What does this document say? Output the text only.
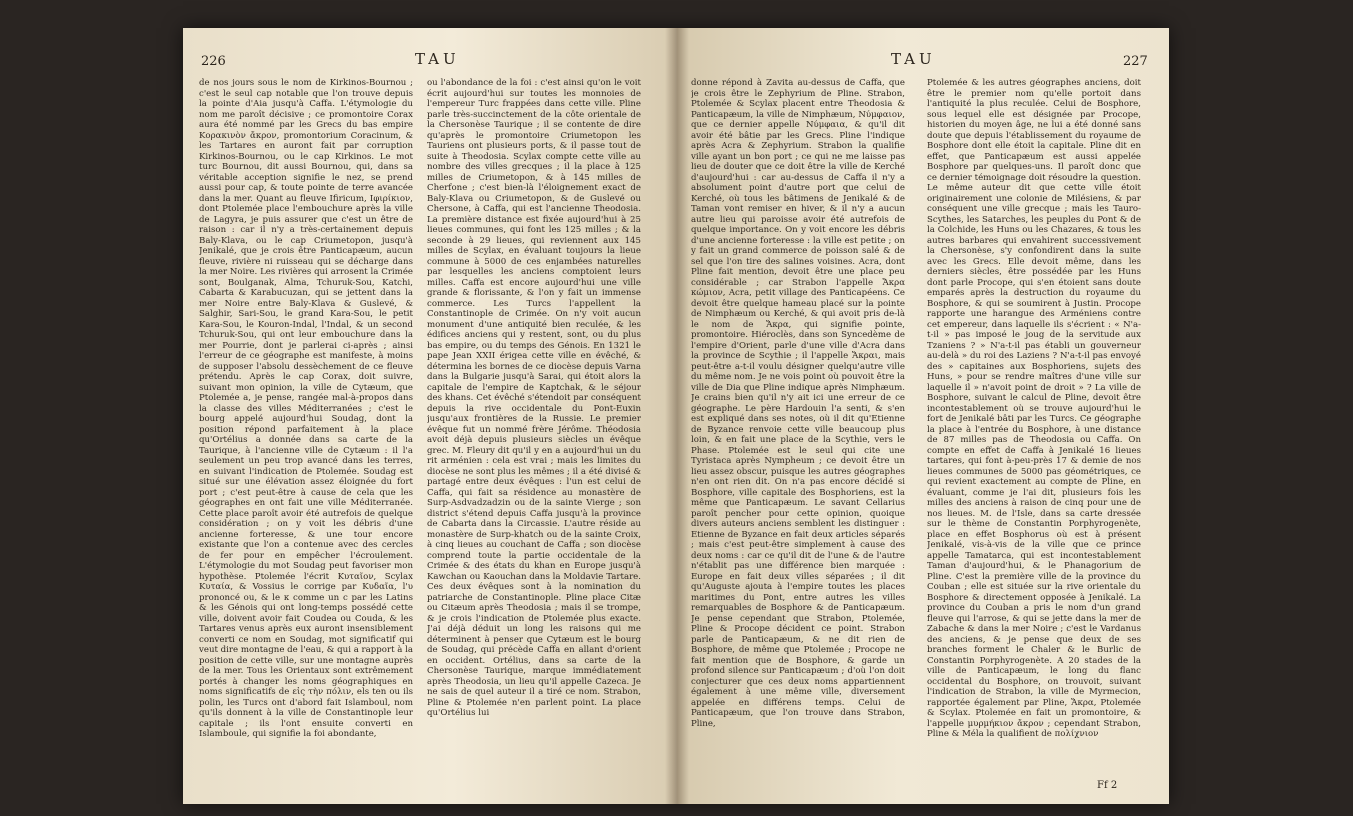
226	TAU
de nos jours sous le nom de Kirkinos-Bournou ; c'est le seul cap notable que l'on trouve depuis la pointe d'Aia jusqu'à Caffa. L'étymologie du nom me paroît décisive ; ce promontoire Corax aura été nommé par les Grecs du bas empire Κορακινὸν ἄκρον, promontorium Coracinum, & les Tartares en auront fait par corruption Kirkinos-Bournou, ou le cap Kirkinos. Le mot turc Bournou, dit aussi Bournou, qui, dans sa véritable acception signifie le nez, se prend aussi pour cap, & toute pointe de terre avancée dans la mer. Quant au fleuve Ifiricum, Ιφιρίκιον, dont Ptolemée place l'embouchure après la ville de Lagyra, je puis assurer que c'est un être de raison : car il n'y a très-certainement depuis Baly-Klava, ou le cap Criumetopon, jusqu'à Jenikalé, que je crois être Panticapæum, aucun fleuve, rivière ni ruisseau qui se décharge dans la mer Noire. Les rivières qui arrosent la Crimée sont, Boulganak, Alma, Tchuruk-Sou, Katchi, Cabarta & Karabucuzan, qui se jettent dans la mer Noire entre Baly-Klava & Guslevé, & Salghir, Sari-Sou, le grand Kara-Sou, le petit Kara-Sou, le Kouron-Indal, l'Indal, & un second Tchuruk-Sou, qui ont leur embouchure dans la mer Pourrie, dont je parlerai ci-après ; ainsi l'erreur de ce géographe est manifeste, à moins de supposer l'absolu dessèchement de ce fleuve prétendu. Après le cap Corax, doit suivre, suivant mon opinion, la ville de Cytæum, que Ptolemée a, je pense, rangée mal-à-propos dans la classe des villes Méditerranées ; c'est le bourg appelé aujourd'hui Soudag, dont la position répond parfaitement à la place qu'Ortélius a donnée dans sa carte de la Taurique, à l'ancienne ville de Cytæum : il l'a seulement un peu trop avancé dans les terres, en suivant l'indication de Ptolemée. Soudag est situé sur une élévation assez éloignée du fort port ; c'est peut-être à cause de cela que les géographes en ont fait une ville Méditerranée. Cette place paroît avoir été autrefois de quelque considération ; on y voit les débris d'une ancienne forteresse, & une tour encore existante que l'on a contenue avec des cercles de fer pour en empêcher l'écroulement. L'étymologie du mot Soudag peut favoriser mon hypothèse. Ptolemée l'écrit Κυταῖον, Scylax Κυταία, & Vossius le corrige par Κυδαῖα, l'υ prononcé ou, & le κ comme un c par les Latins & les Génois qui ont long-temps possédé cette ville, doivent avoir fait Coudea ou Couda, & les Tartares venus après eux auront insensiblement converti ce nom en Soudag, mot significatif qui veut dire montagne de l'eau, & qui a rapport à la position de cette ville, sur une montagne auprès de la mer. Tous les Orientaux sont extrêmement portés à changer les noms géographiques en noms significatifs de εἰς τὴν πόλιν, els ten ou ils polin, les Turcs ont d'abord fait Islamboul, nom qu'ils donnent à la ville de Constantinople leur capitale ; ils l'ont ensuite converti en Islamboule, qui signifie la foi abondante,
ou l'abondance de la foi : c'est ainsi qu'on le voit écrit aujourd'hui sur toutes les monnoies de l'empereur Turc frappées dans cette ville. Pline parle très-succinctement de la côte orientale de la Chersonèse Taurique ; il se contente de dire qu'après le promontoire Criumetopon les Tauriens ont plusieurs ports, & il passe tout de suite à Theodosia. Scylax compte cette ville au nombre des villes grecques ; il la place à 125 milles de Criumetopon, & à 145 milles de Cherfone ; c'est bien-là l'éloignement exact de Baly-Klava ou Criumetopon, & de Guslevé ou Chersone, à Caffa, qui est l'ancienne Theodosia. La première distance est fixée aujourd'hui à 25 lieues communes, qui font les 125 milles ; & la seconde à 29 lieues, qui reviennent aux 145 milles de Scylax, en évaluant toujours la lieue commune à 5000 de ces enjambées naturelles par lesquelles les anciens comptoient leurs milles. Caffa est encore aujourd'hui une ville grande & florissante, & l'on y fait un immense commerce. Les Turcs l'appellent la Constantinople de Crimée. On n'y voit aucun monument d'une antiquité bien reculée, & les édifices anciens qui y restent, sont, ou du plus bas empire, ou du temps des Génois. En 1321 le pape Jean XXII érigea cette ville en évêché, & détermina les bornes de ce diocèse depuis Varna dans la Bulgarie jusqu'à Sarai, qui étoit alors la capitale de l'empire de Kaptchak, & le séjour des khans. Cet évêché s'étendoit par conséquent depuis la rive occidentale du Pont-Euxin jusqu'aux frontières de la Russie. Le premier évêque fut un nommé frère Jérôme. Théodosia avoit déjà depuis plusieurs siècles un évêque grec. M. Fleury dit qu'il y en a aujourd'hui un du rit arménien : cela est vrai ; mais les limites du diocèse ne sont plus les mêmes ; il a été divisé & partagé entre deux évêques : l'un est celui de Caffa, qui fait sa résidence au monastère de Surp-Asdvadzadzin ou de la sainte Vierge ; son district s'étend depuis Caffa jusqu'à la province de Cabarta dans la Circassie. L'autre réside au monastère de Surp-khatch ou de la sainte Croix, à cinq lieues au couchant de Caffa ; son diocèse comprend toute la partie occidentale de la Crimée & des états du khan en Europe jusqu'à Kawchan ou Kaouchan dans la Moldavie Tartare. Ces deux évêques sont à la nomination du patriarche de Constantinople. Pline place Citæ ou Citæum après Theodosia ; mais il se trompe, & je crois l'indication de Ptolemée plus exacte. J'ai déjà déduit un long les raisons qui me déterminent à penser que Cytæum est le bourg de Soudag, qui précède Caffa en allant d'orient en occident. Ortélius, dans sa carte de la Chersonèse Taurique, marque immédiatement après Theodosia, un lieu qu'il appelle Cazeca. Je ne sais de quel auteur il a tiré ce nom. Strabon, Pline & Ptolemée n'en parlent point. La place qu'Ortélius lui
TAU	227
donne répond à Zavita au-dessus de Caffa, que je crois être le Zephyrium de Pline. Strabon, Ptolemée & Scylax placent entre Theodosia & Panticapæum, la ville de Nimphæum, Νύμφαιον, que ce dernier appelle Νύμφαια, & qu'il dit avoir été bâtie par les Grecs. Pline l'indique après Acra & Zephyrium. Strabon la qualifie ville ayant un bon port ; ce qui ne me laisse pas lieu de douter que ce doit être la ville de Kerché d'aujourd'hui : car au-dessus de Caffa il n'y a absolument point d'autre port que celui de Kerché, où tous les bâtimens de Jenikalé & de Taman vont remiser en hiver, & il n'y a aucun autre lieu qui paroisse avoir été autrefois de quelque importance. On y voit encore les débris d'une ancienne forteresse : la ville est petite ; on y fait un grand commerce de poisson salé & de sel que l'on tire des salines voisines. Acra, dont Pline fait mention, devoit être une place peu considérable ; car Strabon l'appelle Ἄκρα κώμιον, Acra, petit village des Panticapéens. Ce devoit être quelque hameau placé sur la pointe de Nimphæum ou Kerché, & qui avoit pris de-là le nom de Ἄκρα, qui signifie pointe, promontoire. Hiéroclès, dans son Syncedème de l'empire d'Orient, parle d'une ville d'Acra dans la province de Scythie ; il l'appelle Ἄκραι, mais peut-être a-t-il voulu désigner quelqu'autre ville du même nom. Je ne vois point où pouvoit être la ville de Dia que Pline indique après Nimphæum. Je crains bien qu'il n'y ait ici une erreur de ce géographe. Le père Hardouin l'a senti, & s'en est expliqué dans ses notes, où il dit qu'Etienne de Byzance renvoie cette ville beaucoup plus loin, & en fait une place de la Scythie, vers le Phase. Ptolemée est le seul qui cite une Tyristaca après Nympheum ; ce devoit être un lieu assez obscur, puisque les autres géographes n'en ont rien dit. On n'a pas encore décidé si Bosphore, ville capitale des Bosphoriens, est la même que Panticapæum. Le savant Cellarius paroît pencher pour cette opinion, quoique divers auteurs anciens semblent les distinguer : Etienne de Byzance en fait deux articles séparés ; mais c'est peut-être simplement à cause des deux noms : car ce qu'il dit de l'une & de l'autre n'établit pas une différence bien marquée : Europe en fait deux villes séparées ; il dit qu'Auguste ajouta à l'empire toutes les places maritimes du Pont, entre autres les villes remarquables de Bosphore & de Panticapæum. Je pense cependant que Strabon, Ptolemée, Pline & Procope décident ce point. Strabon parle de Panticapæum, & ne dit rien de Bosphore, de même que Ptolemée ; Procope ne fait mention que de Bosphore, & garde un profond silence sur Panticapæum ; d'où l'on doit conjecturer que ces deux noms appartiennent également à une même ville, diversement appelée en différens temps. Celui de Panticapæum, que l'on trouve dans Strabon, Pline,
Ptolemée & les autres géographes anciens, doit être le premier nom qu'elle portoit dans l'antiquité la plus reculée. Celui de Bosphore, sous lequel elle est désignée par Procope, historien du moyen âge, ne lui a été donné sans doute que depuis l'établissement du royaume de Bosphore dont elle étoit la capitale. Pline dit en effet, que Panticapæum est aussi appelée Bosphore par quelques-uns. Il paroît donc que ce dernier témoignage doit résoudre la question. Le même auteur dit que cette ville étoit originairement une colonie de Milésiens, & par conséquent une ville grecque ; mais les Tauro-Scythes, les Satarches, les peuples du Pont & de la Colchide, les Huns ou les Chazares, & tous les autres barbares qui envahirent successivement la Chersonèse, s'y confondirent dans la suite avec les Grecs. Elle devoit même, dans les derniers siècles, être possédée par les Huns dont parle Procope, qui s'en étoient sans doute emparés après la destruction du royaume du Bosphore, & qui se soumirent à Justin. Procope rapporte une harangue des Arméniens contre cet empereur, dans laquelle ils s'écrient : « N'a-t-il » pas imposé le joug de la servitude aux Tzaniens ? » N'a-t-il pas établi un gouverneur au-delà » du roi des Laziens ? N'a-t-il pas envoyé des » capitaines aux Bosphoriens, sujets des Huns, » pour se rendre maîtres d'une ville sur laquelle il » n'avoit point de droit » ? La ville de Bosphore, suivant le calcul de Pline, devoit être incontestablement où se trouve aujourd'hui le fort de Jenikalé bâti par les Turcs. Ce géographe la place à l'entrée du Bosphore, à une distance de 87 milles pas de Theodosia ou Caffa. On compte en effet de Caffa à Jenikalé 16 lieues tartares, qui font à-peu-près 17 & demie de nos lieues communes de 5000 pas géométriques, ce qui revient exactement au compte de Pline, en évaluant, comme je l'ai dit, plusieurs fois les milles des anciens à raison de cinq pour une de nos lieues. M. de l'Isle, dans sa carte dressée sur le thème de Constantin Porphyrogenète, place en effet Bosphorus où est à présent Jenikalé, vis-à-vis de la ville que ce prince appelle Tamatarca, qui est incontestablement Taman d'aujourd'hui, & le Phanagorium de Pline. C'est la première ville de la province du Couban ; elle est située sur la rive orientale du Bosphore & directement opposée à Jenikalé. La province du Couban a pris le nom d'un grand fleuve qui l'arrose, & qui se jette dans la mer de Zabache & dans la mer Noire ; c'est le Vardanus des anciens, & je pense que deux de ses branches forment le Chaler & le Burlic de Constantin Porphyrogenète. A 20 stades de la ville de Panticapæum, le long du flanc occidental du Bosphore, on trouvoit, suivant l'indication de Strabon, la ville de Myrmecion, rapportée également par Pline, Ἄκρα, Ptolemée & Scylax. Ptolemée en fait un promontoire, & l'appelle μυρμήκιον ἄκρον ; cependant Strabon, Pline & Méla la qualifient de πολίχνιον
Ff 2
